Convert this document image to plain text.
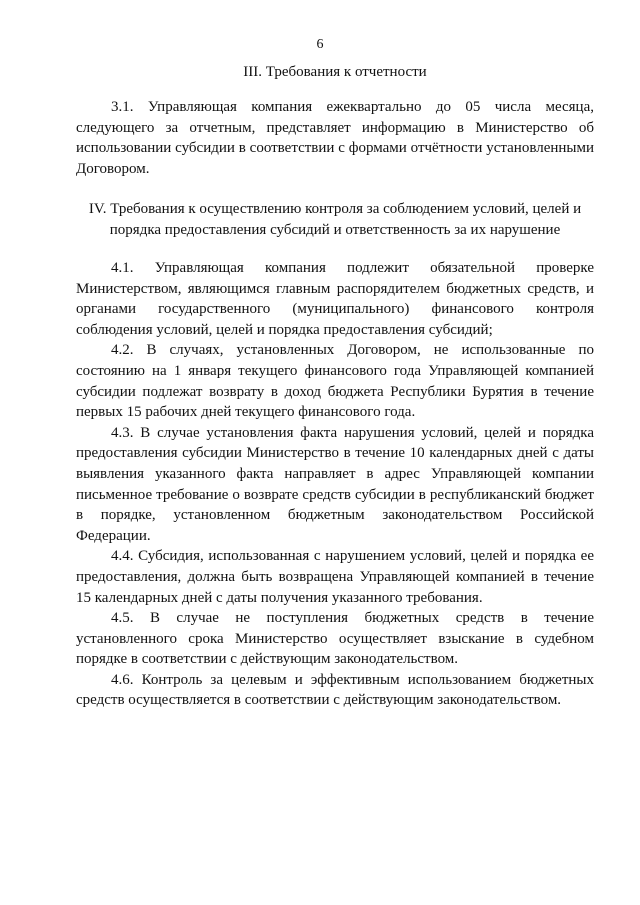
6
III. Требования к отчетности

3.1. Управляющая компания ежеквартально до 05 числа месяца, следующего за отчетным, представляет информацию в Министерство об использовании субсидии в соответствии с формами отчётности установленными Договором.

IV. Требования к осуществлению контроля за соблюдением условий, целей и
порядка предоставления субсидий и ответственность за их нарушение

4.1. Управляющая компания подлежит обязательной проверке Министерством, являющимся главным распорядителем бюджетных средств, и органами государственного (муниципального) финансового контроля соблюдения условий, целей и порядка предоставления субсидий;

4.2. В случаях, установленных Договором, не использованные по состоянию на 1 января текущего финансового года Управляющей компанией субсидии подлежат возврату в доход бюджета Республики Бурятия в течение первых 15 рабочих дней текущего финансового года.

4.3. В случае установления факта нарушения условий, целей и порядка предоставления субсидии Министерство в течение 10 календарных дней с даты выявления указанного факта направляет в адрес Управляющей компании письменное требование о возврате средств субсидии в республиканский бюджет в порядке, установленном бюджетным законодательством Российской Федерации.

4.4. Субсидия, использованная с нарушением условий, целей и порядка ее предоставления, должна быть возвращена Управляющей компанией в течение 15 календарных дней с даты получения указанного требования.

4.5. В случае не поступления бюджетных средств в течение установленного срока Министерство осуществляет взыскание в судебном порядке в соответствии с действующим законодательством.

4.6. Контроль за целевым и эффективным использованием бюджетных средств осуществляется в соответствии с действующим законодательством.
